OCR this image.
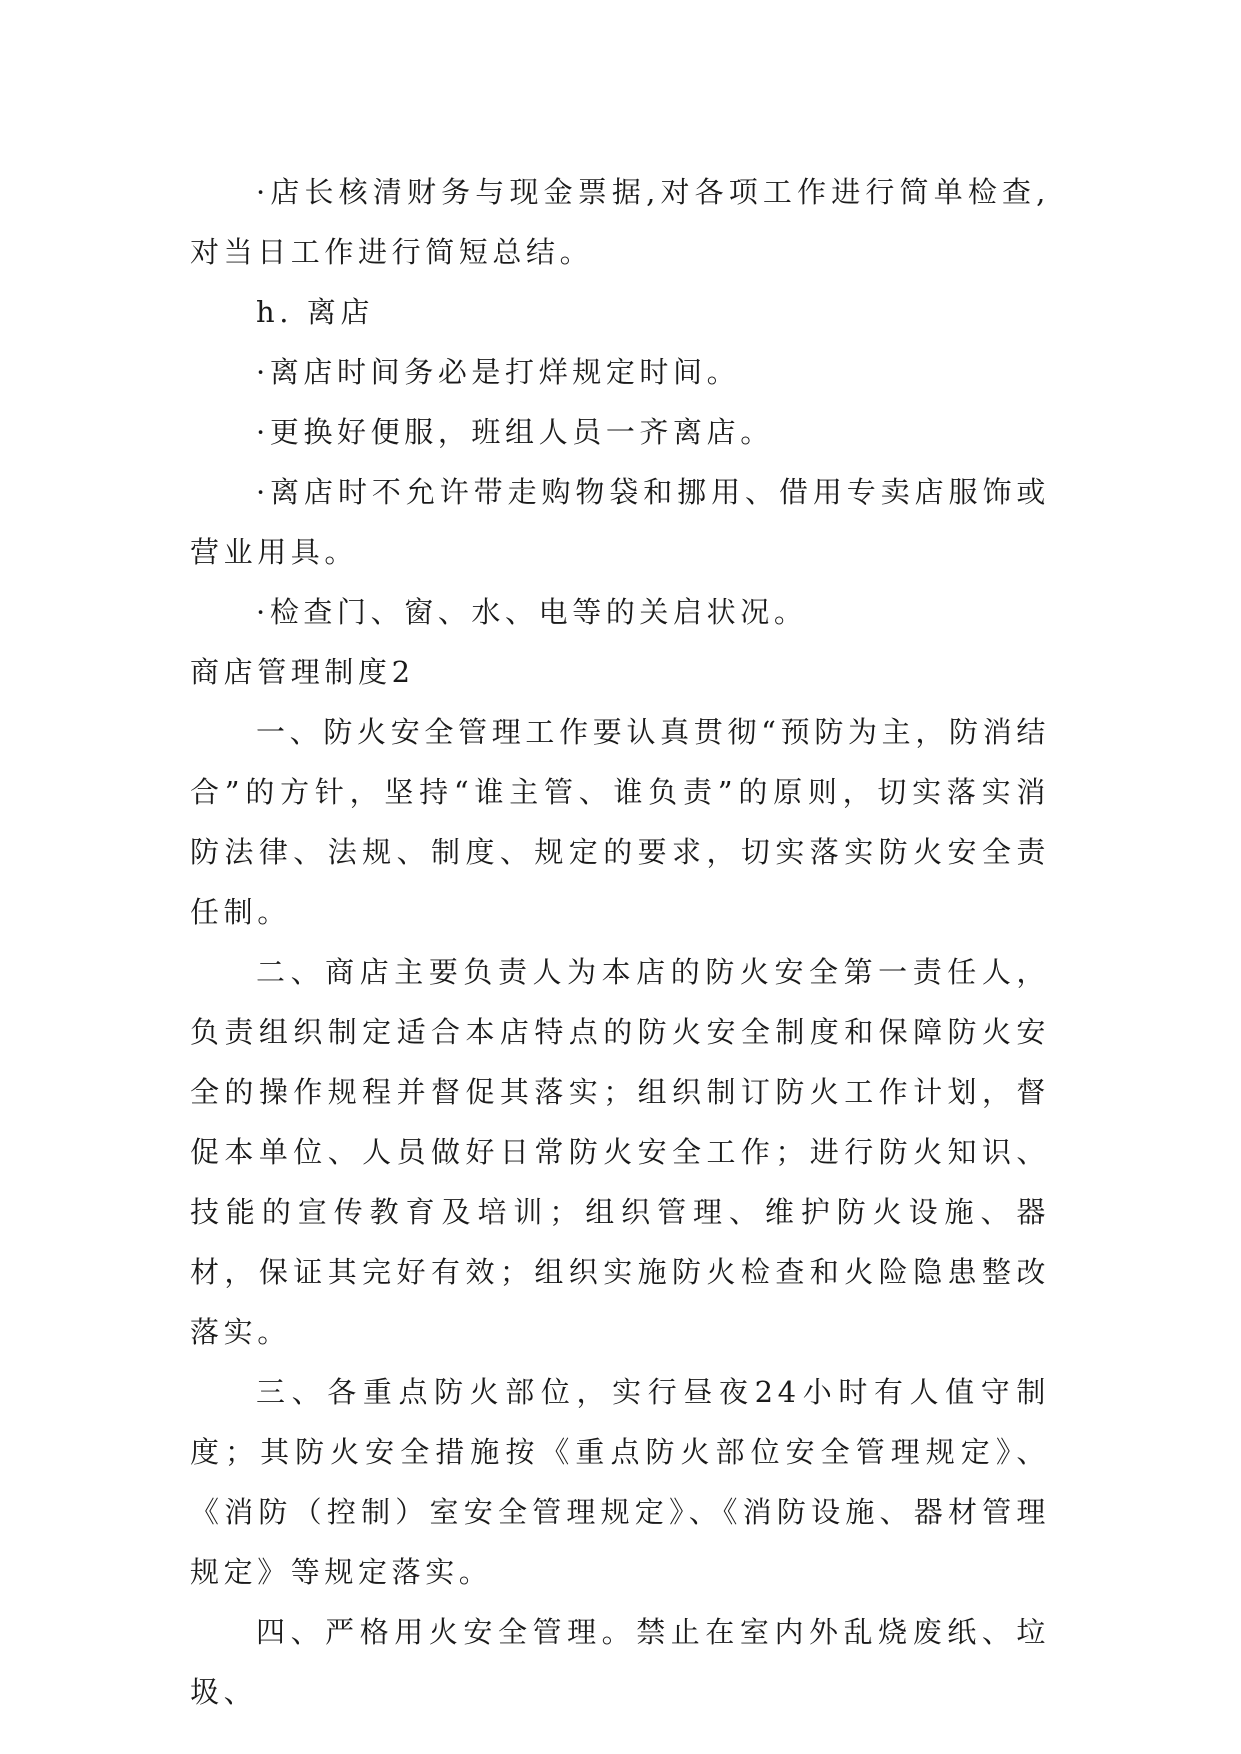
·店长核清财务与现金票据,对各项工作进行简单检查,对当日工作进行简短总结。

h. 离店

·离店时间务必是打烊规定时间。

·更换好便服，班组人员一齐离店。

·离店时不允许带走购物袋和挪用、借用专卖店服饰或营业用具。

·检查门、窗、水、电等的关启状况。

商店管理制度2

一、防火安全管理工作要认真贯彻“预防为主，防消结合”的方针，坚持“谁主管、谁负责”的原则，切实落实消防法律、法规、制度、规定的要求，切实落实防火安全责任制。

二、商店主要负责人为本店的防火安全第一责任人，负责组织制定适合本店特点的防火安全制度和保障防火安全的操作规程并督促其落实；组织制订防火工作计划，督促本单位、人员做好日常防火安全工作；进行防火知识、技能的宣传教育及培训；组织管理、维护防火设施、器材，保证其完好有效；组织实施防火检查和火险隐患整改落实。

三、各重点防火部位，实行昼夜24小时有人值守制度；其防火安全措施按《重点防火部位安全管理规定》、《消防（控制）室安全管理规定》、《消防设施、器材管理规定》等规定落实。

四、严格用火安全管理。禁止在室内外乱烧废纸、垃圾、
